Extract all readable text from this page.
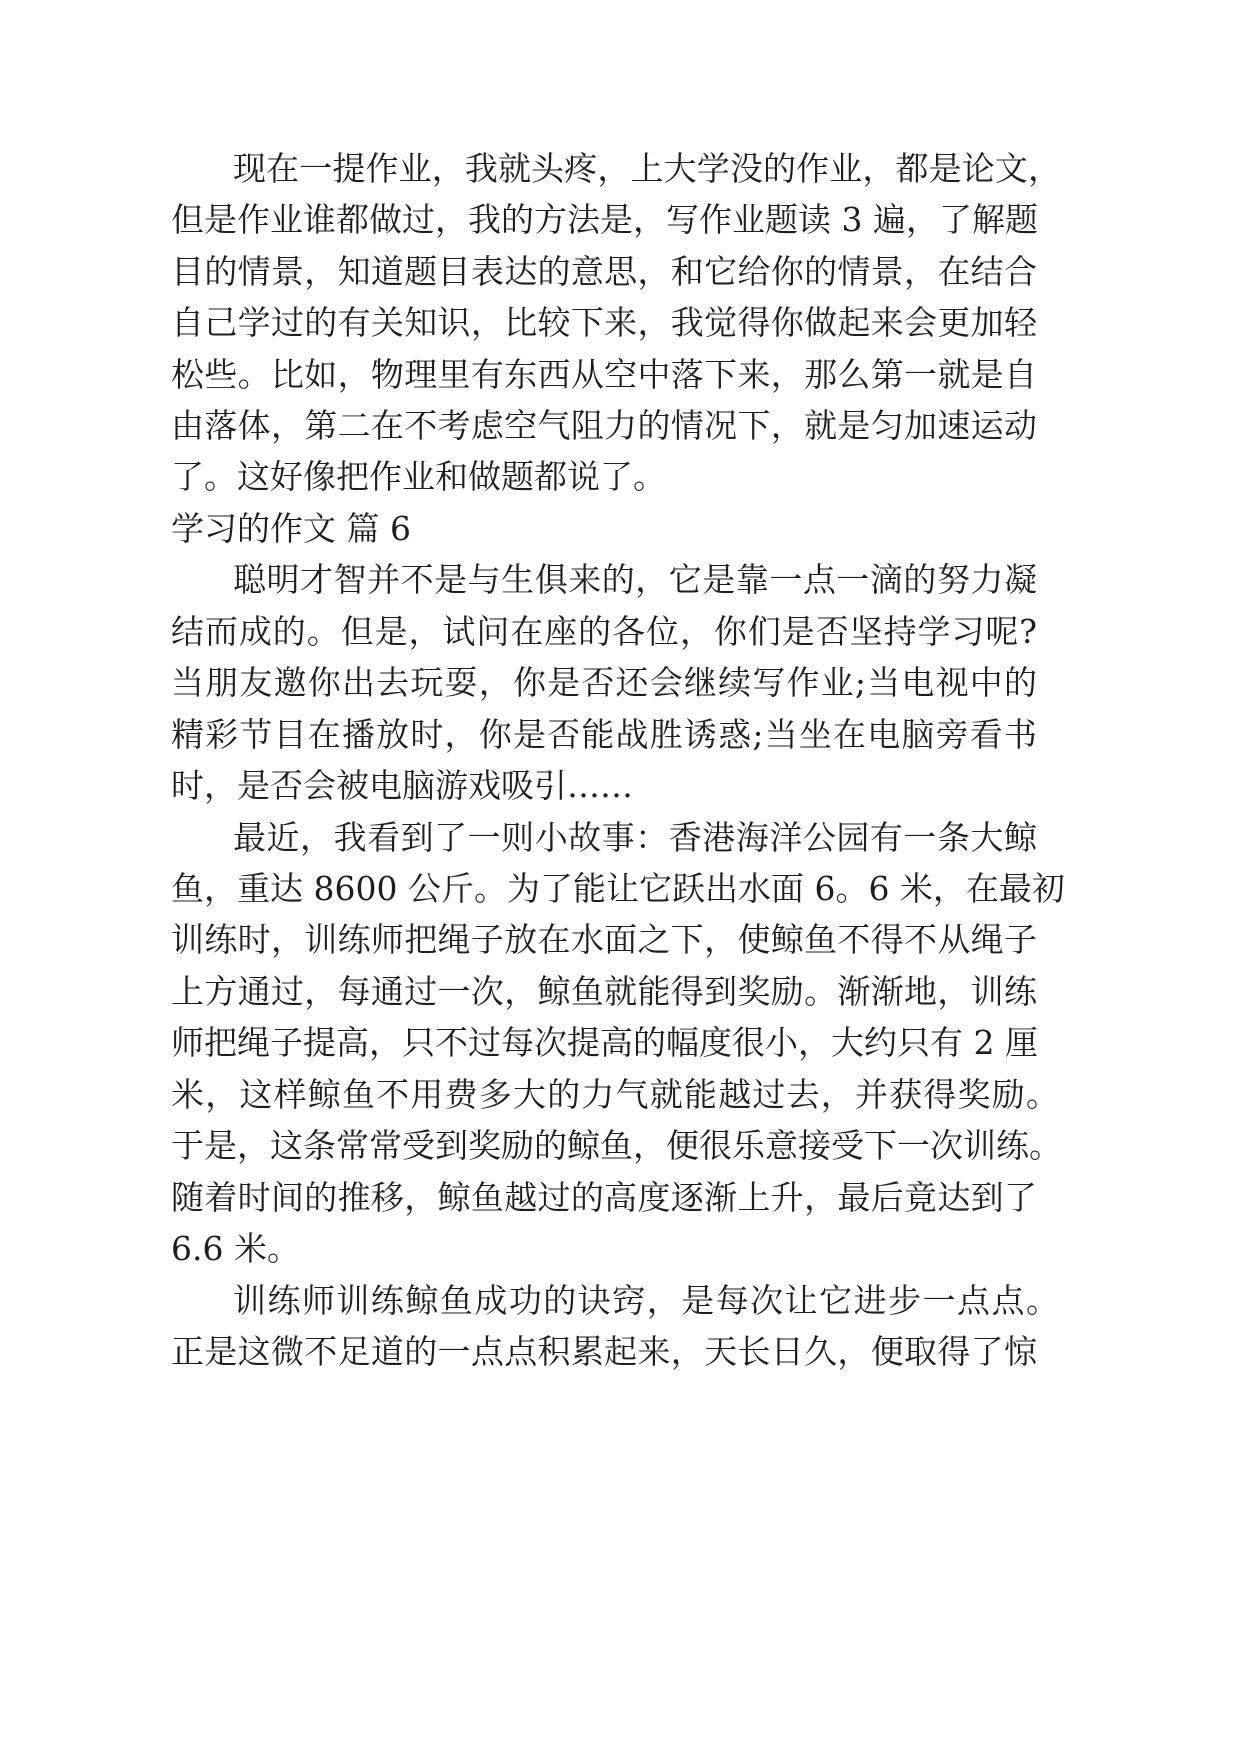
现在一提作业，我就头疼，上大学没的作业，都是论文，

但是作业谁都做过，我的方法是，写作业题读 3 遍，了解题

目的情景，知道题目表达的意思，和它给你的情景，在结合

自己学过的有关知识，比较下来，我觉得你做起来会更加轻

松些。比如，物理里有东西从空中落下来，那么第一就是自

由落体，第二在不考虑空气阻力的情况下，就是匀加速运动

了。这好像把作业和做题都说了。

学习的作文 篇 6

聪明才智并不是与生俱来的，它是靠一点一滴的努力凝

结而成的。但是，试问在座的各位，你们是否坚持学习呢?

当朋友邀你出去玩耍，你是否还会继续写作业;当电视中的

精彩节目在播放时，你是否能战胜诱惑;当坐在电脑旁看书

时，是否会被电脑游戏吸引……

最近，我看到了一则小故事：香港海洋公园有一条大鲸

鱼，重达 8600 公斤。为了能让它跃出水面 6。6 米，在最初

训练时，训练师把绳子放在水面之下，使鲸鱼不得不从绳子

上方通过，每通过一次，鲸鱼就能得到奖励。渐渐地，训练

师把绳子提高，只不过每次提高的幅度很小，大约只有 2 厘

米，这样鲸鱼不用费多大的力气就能越过去，并获得奖励。

于是，这条常常受到奖励的鲸鱼，便很乐意接受下一次训练。

随着时间的推移，鲸鱼越过的高度逐渐上升，最后竟达到了

6.6 米。

训练师训练鲸鱼成功的诀窍，是每次让它进步一点点。

正是这微不足道的一点点积累起来，天长日久，便取得了惊
